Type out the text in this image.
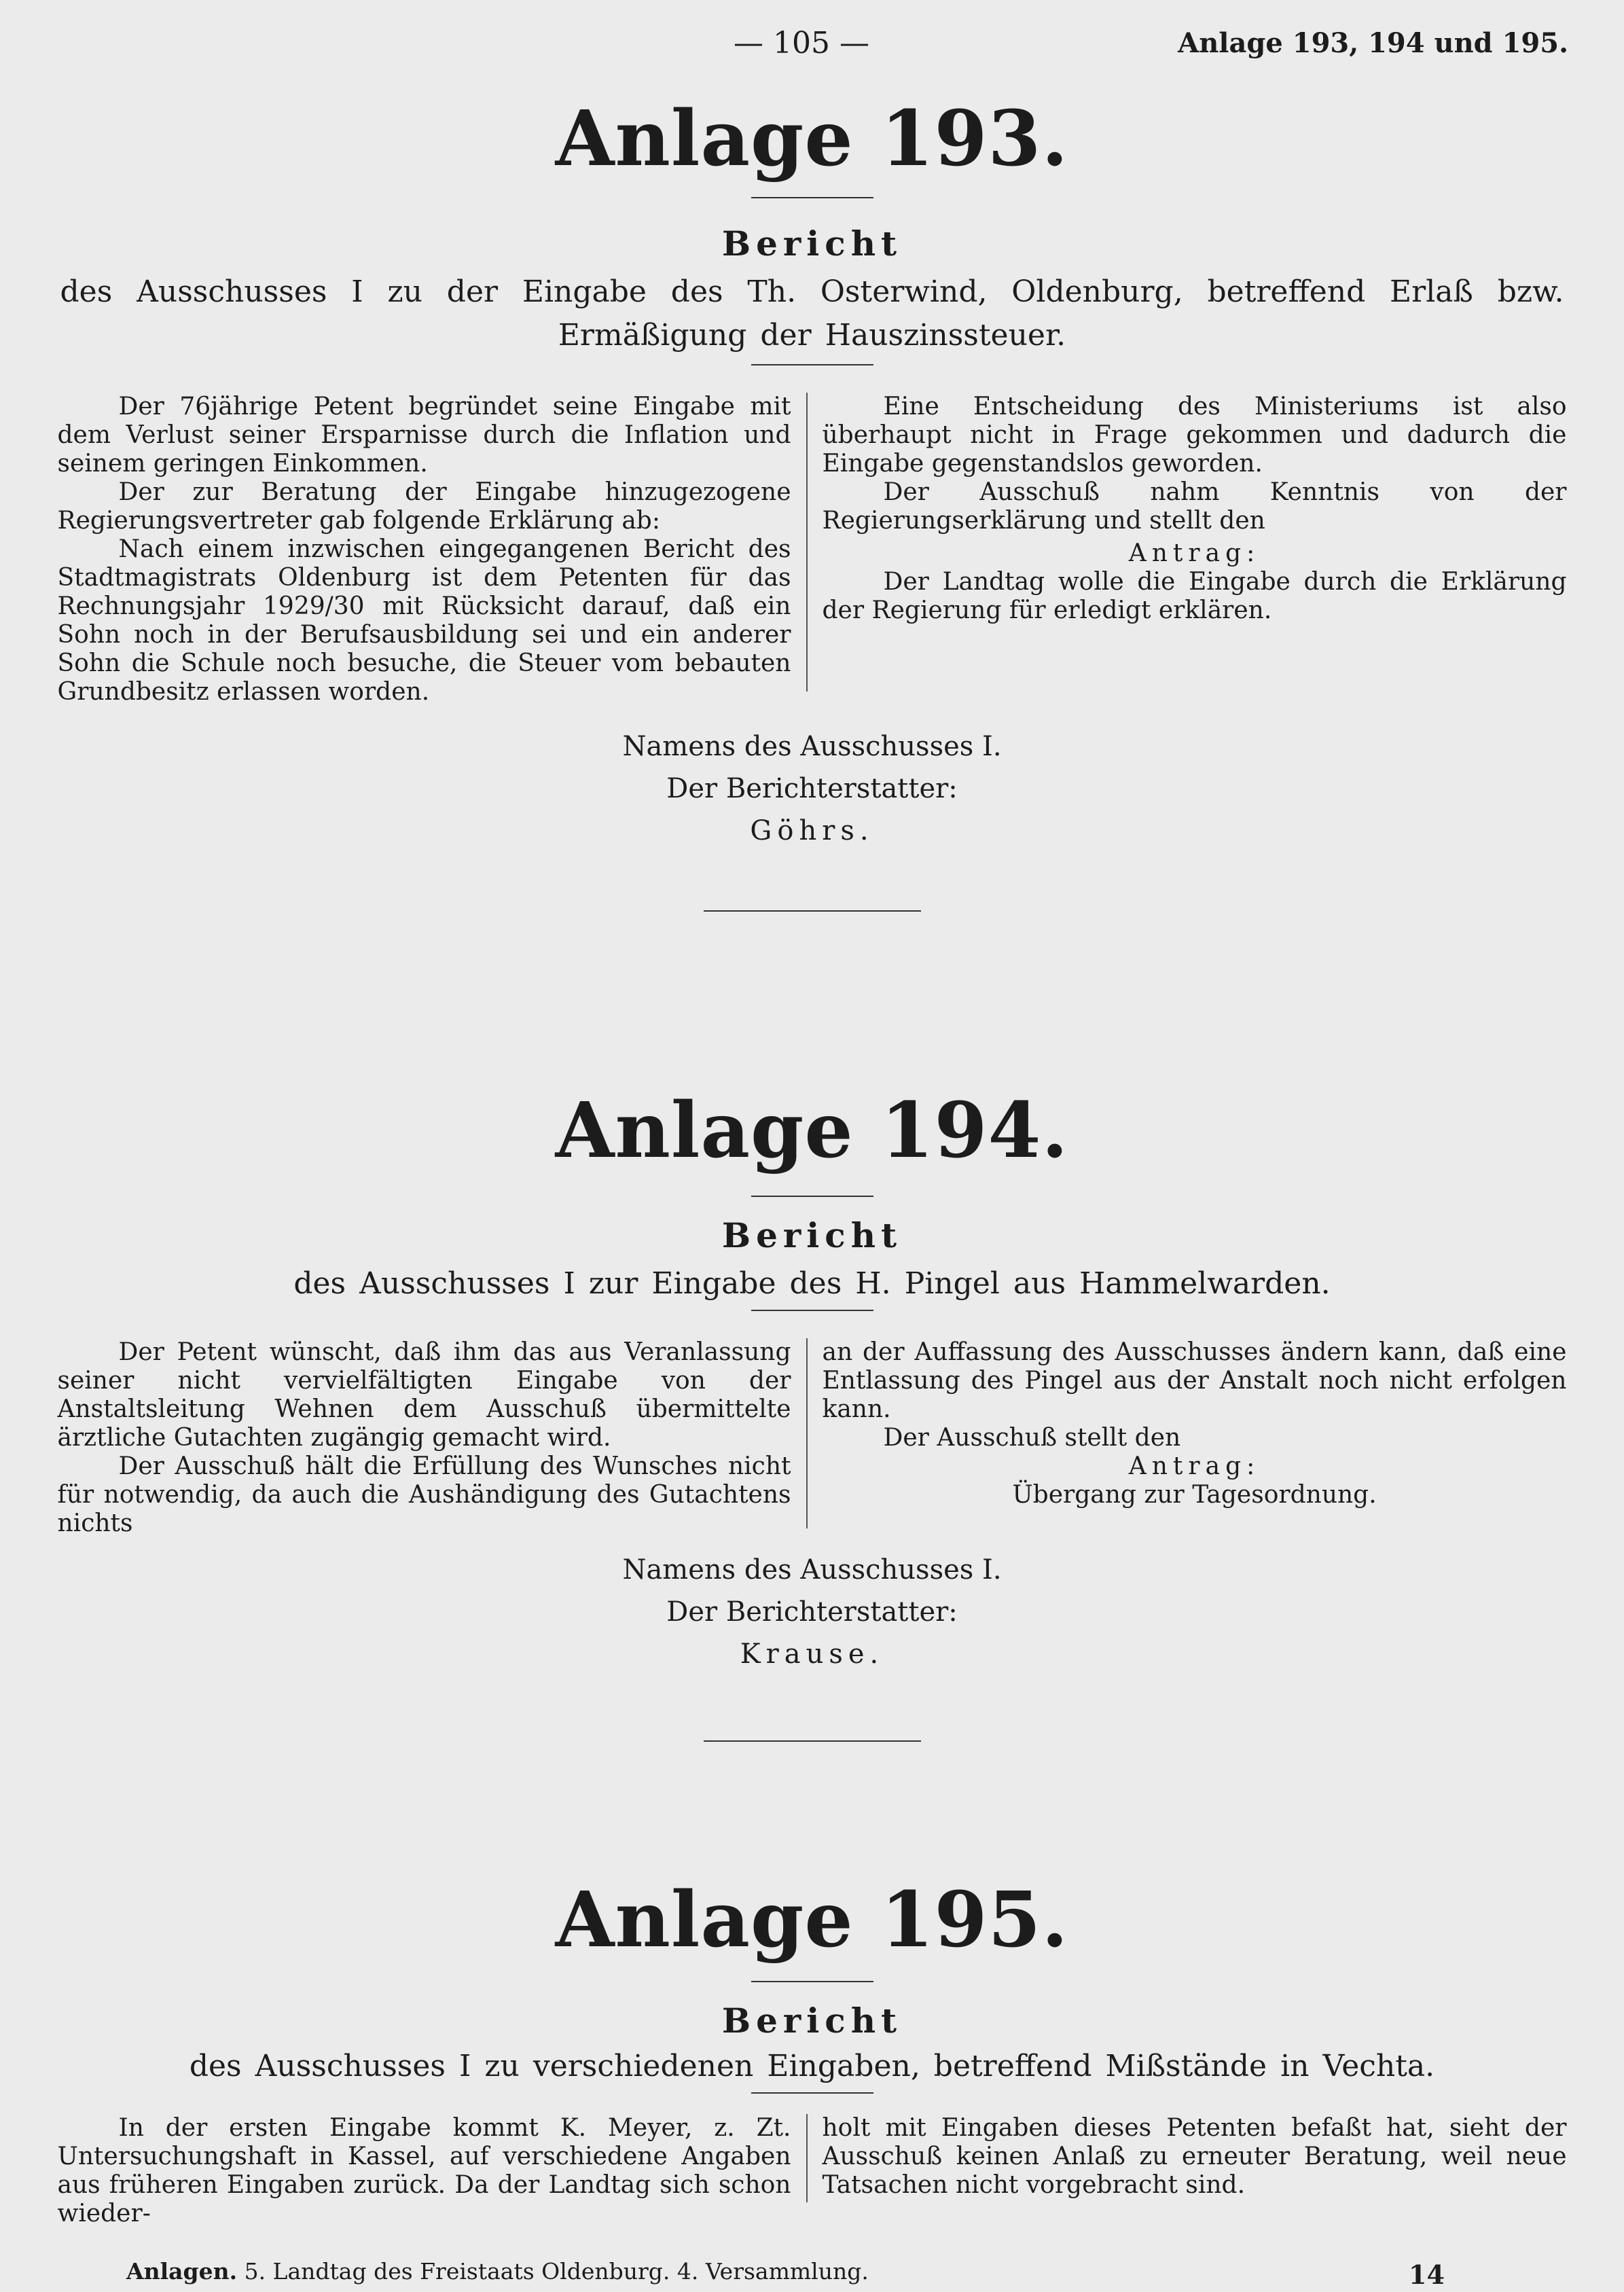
— 105 —	Anlage 193, 194 und 195.
Anlage 193.

Bericht

des Ausschusses I zu der Eingabe des Th. Osterwind, Oldenburg, betreffend Erlaß bzw. Ermäßigung der Hauszinssteuer.

Der 76jährige Petent begründet seine Eingabe mit dem Verlust seiner Ersparnisse durch die Inflation und seinem geringen Einkommen.

Der zur Beratung der Eingabe hinzugezogene Regierungsvertreter gab folgende Erklärung ab:

Nach einem inzwischen eingegangenen Bericht des Stadtmagistrats Oldenburg ist dem Petenten für das Rechnungsjahr 1929/30 mit Rücksicht darauf, daß ein Sohn noch in der Berufsausbildung sei und ein anderer Sohn die Schule noch besuche, die Steuer vom bebauten Grundbesitz erlassen worden.

Eine Entscheidung des Ministeriums ist also überhaupt nicht in Frage gekommen und dadurch die Eingabe gegenstandslos geworden.

Der Ausschuß nahm Kenntnis von der Regierungserklärung und stellt den

Antrag:

Der Landtag wolle die Eingabe durch die Erklärung der Regierung für erledigt erklären.

Namens des Ausschusses I.
Der Berichterstatter:
Göhrs.
Anlage 194.

Bericht

des Ausschusses I zur Eingabe des H. Pingel aus Hammelwarden.

Der Petent wünscht, daß ihm das aus Veranlassung seiner nicht vervielfältigten Eingabe von der Anstaltsleitung Wehnen dem Ausschuß übermittelte ärztliche Gutachten zugängig gemacht wird.

Der Ausschuß hält die Erfüllung des Wunsches nicht für notwendig, da auch die Aushändigung des Gutachtens nichts

an der Auffassung des Ausschusses ändern kann, daß eine Entlassung des Pingel aus der Anstalt noch nicht erfolgen kann.

Der Ausschuß stellt den

Antrag:

Übergang zur Tagesordnung.

Namens des Ausschusses I.
Der Berichterstatter:
Krause.
Anlage 195.

Bericht

des Ausschusses I zu verschiedenen Eingaben, betreffend Mißstände in Vechta.

In der ersten Eingabe kommt K. Meyer, z. Zt. Untersuchungshaft in Kassel, auf verschiedene Angaben aus früheren Eingaben zurück. Da der Landtag sich schon wieder-

holt mit Eingaben dieses Petenten befaßt hat, sieht der Ausschuß keinen Anlaß zu erneuter Beratung, weil neue Tatsachen nicht vorgebracht sind.

Anlagen. 5. Landtag des Freistaats Oldenburg. 4. Versammlung.	14
